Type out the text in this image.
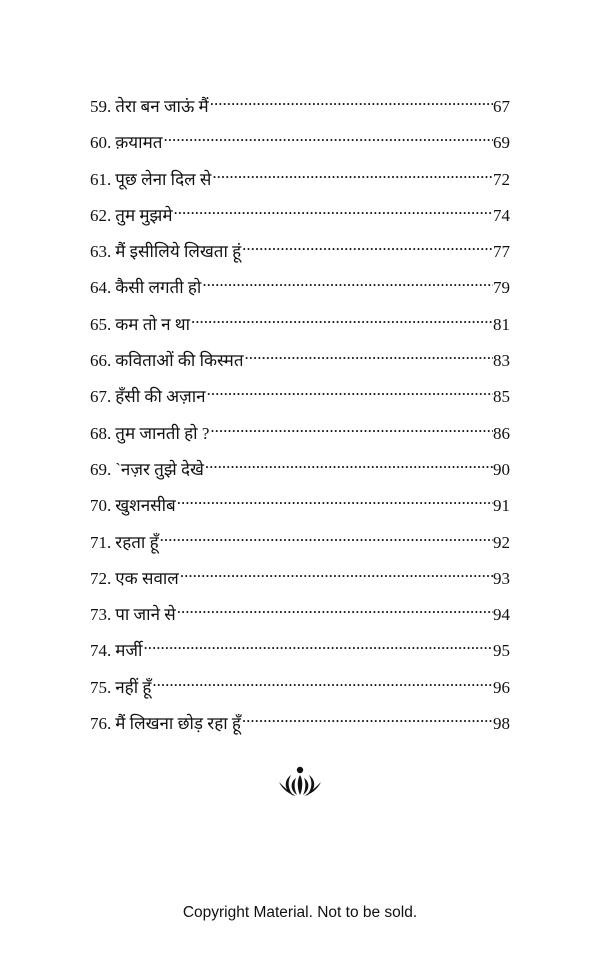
59. तेरा बन जाऊं मैं .....	67
60. क़यामत .....	69
61. पूछ लेना दिल से .....	72
62. तुम मुझमे .....	74
63. मैं इसीलिये लिखता हूं .....	77
64. कैसी लगती हो .....	79
65. कम तो न था .....	81
66. कविताओं की किस्मत .....	83
67. हँसी की अज़ान .....	85
68. तुम जानती हो ? .....	86
69. `नज़र तुझे देखे .....	90
70. खुशनसीब .....	91
71. रहता हूँ .....	92
72. एक सवाल .....	93
73. पा जाने से .....	94
74. मर्जी .....	95
75. नहीं हूँ .....	96
76. मैं लिखना छोड़ रहा हूँ .....	98
Copyright Material. Not to be sold.
